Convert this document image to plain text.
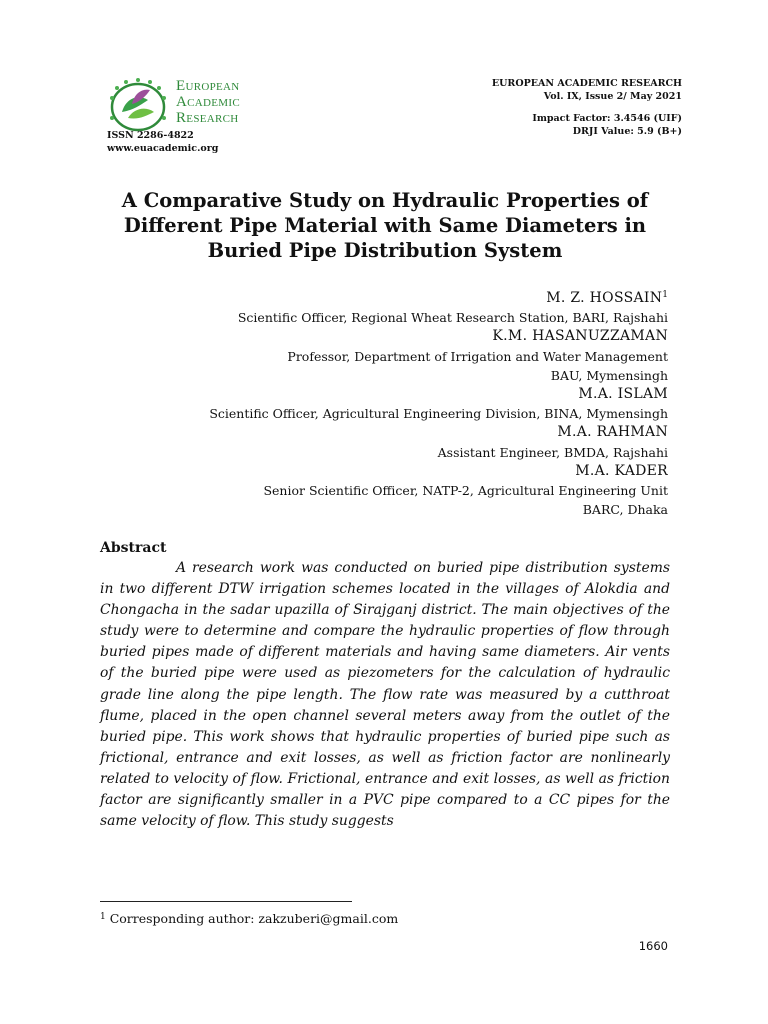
European
Academic
Research
ISSN 2286-4822
www.euacademic.org
EUROPEAN ACADEMIC RESEARCH
Vol. IX, Issue 2/ May 2021
Impact Factor: 3.4546 (UIF)
DRJI Value: 5.9 (B+)
A Comparative Study on Hydraulic Properties of Different Pipe Material with Same Diameters in Buried Pipe Distribution System
M. Z. HOSSAIN$^1$
Scientific Officer, Regional Wheat Research Station, BARI, Rajshahi
K.M. HASANUZZAMAN
Professor, Department of Irrigation and Water Management
BAU, Mymensingh
M.A. ISLAM
Scientific Officer, Agricultural Engineering Division, BINA, Mymensingh
M.A. RAHMAN
Assistant Engineer, BMDA, Rajshahi
M.A. KADER
Senior Scientific Officer, NATP-2, Agricultural Engineering Unit
BARC, Dhaka
Abstract
A research work was conducted on buried pipe distribution systems in two different DTW irrigation schemes located in the villages of Alokdia and Chongacha in the sadar upazilla of Sirajganj district. The main objectives of the study were to determine and compare the hydraulic properties of flow through buried pipes made of different materials and having same diameters. Air vents of the buried pipe were used as piezometers for the calculation of hydraulic grade line along the pipe length. The flow rate was measured by a cutthroat flume, placed in the open channel several meters away from the outlet of the buried pipe. This work shows that hydraulic properties of buried pipe such as frictional, entrance and exit losses, as well as friction factor are nonlinearly related to velocity of flow. Frictional, entrance and exit losses, as well as friction factor are significantly smaller in a PVC pipe compared to a CC pipes for the same velocity of flow. This study suggests
$^1$ Corresponding author: zakzuberi@gmail.com
1660
